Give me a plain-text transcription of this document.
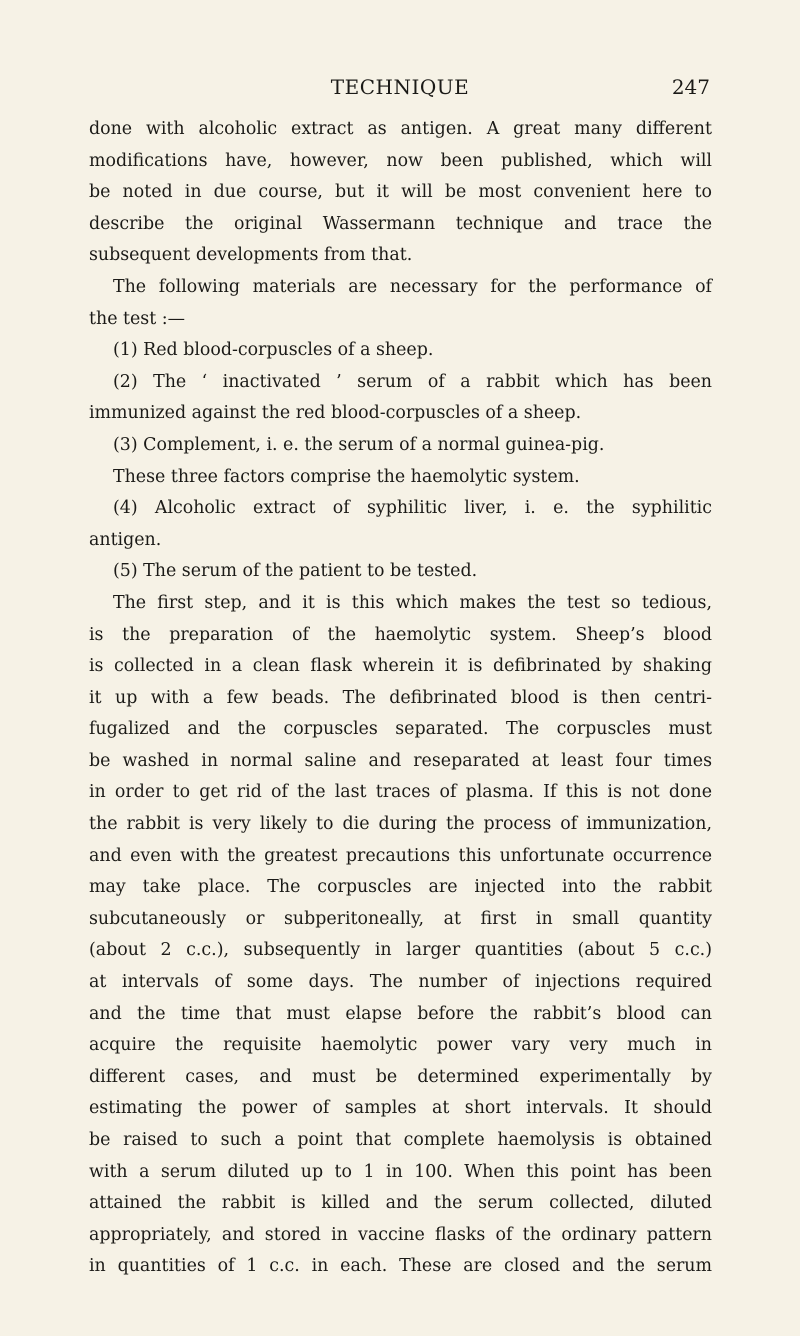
TECHNIQUE	247
done with alcoholic extract as antigen. A great many different
modifications have, however, now been published, which will
be noted in due course, but it will be most convenient here to
describe the original Wassermann technique and trace the
subsequent developments from that.
The following materials are necessary for the performance of
the test :—
(1) Red blood-corpuscles of a sheep.
(2) The ‘ inactivated ’ serum of a rabbit which has been
immunized against the red blood-corpuscles of a sheep.
(3) Complement, i. e. the serum of a normal guinea-pig.
These three factors comprise the haemolytic system.
(4) Alcoholic extract of syphilitic liver, i. e. the syphilitic
antigen.
(5) The serum of the patient to be tested.
The first step, and it is this which makes the test so tedious,
is the preparation of the haemolytic system. Sheep’s blood
is collected in a clean flask wherein it is defibrinated by shaking
it up with a few beads. The defibrinated blood is then centri-
fugalized and the corpuscles separated. The corpuscles must
be washed in normal saline and reseparated at least four times
in order to get rid of the last traces of plasma. If this is not done
the rabbit is very likely to die during the process of immunization,
and even with the greatest precautions this unfortunate occurrence
may take place. The corpuscles are injected into the rabbit
subcutaneously or subperitoneally, at first in small quantity
(about 2 c.c.), subsequently in larger quantities (about 5 c.c.)
at intervals of some days. The number of injections required
and the time that must elapse before the rabbit’s blood can
acquire the requisite haemolytic power vary very much in
different cases, and must be determined experimentally by
estimating the power of samples at short intervals. It should
be raised to such a point that complete haemolysis is obtained
with a serum diluted up to 1 in 100. When this point has been
attained the rabbit is killed and the serum collected, diluted
appropriately, and stored in vaccine flasks of the ordinary pattern
in quantities of 1 c.c. in each. These are closed and the serum
